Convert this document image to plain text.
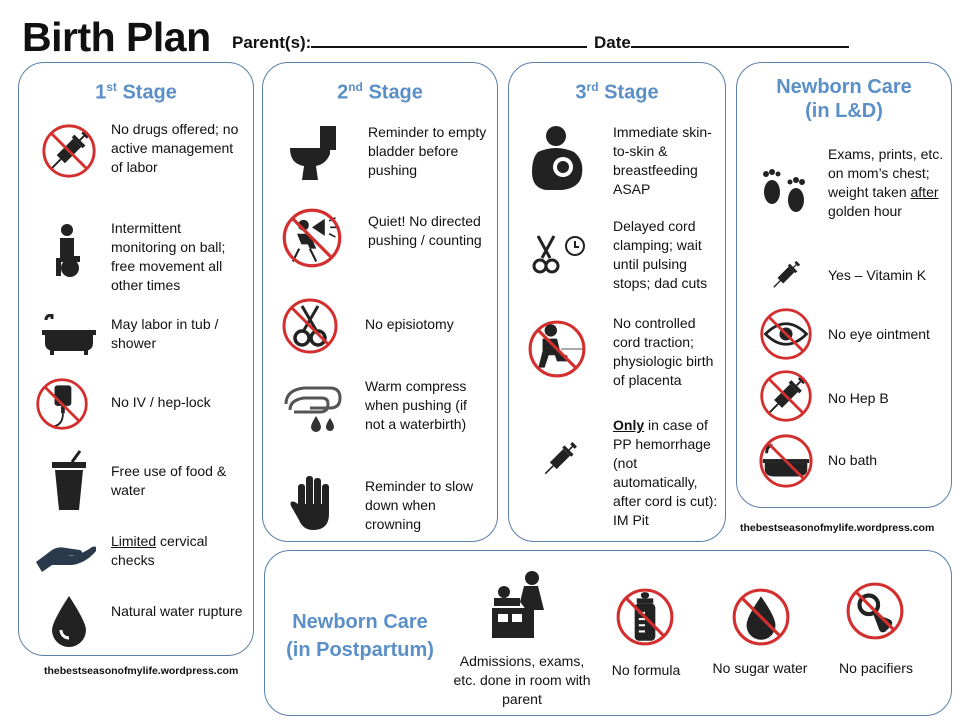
Birth Plan Parent(s):	Date
1st Stage
No drugs offered; no active management of labor
Intermittent monitoring on ball; free movement all other times
May labor in tub / shower
No IV / hep-lock
Free use of food & water
Limited cervical checks
Natural water rupture
thebestseasonofmylife.wordpress.com
2nd Stage
Reminder to empty bladder before pushing
Quiet! No directed pushing / counting
No episiotomy
Warm compress when pushing (if not a waterbirth)
Reminder to slow down when crowning
3rd Stage
Immediate skin-to-skin & breastfeeding ASAP
Delayed cord clamping; wait until pulsing stops; dad cuts
No controlled cord traction; physiologic birth of placenta
Only in case of PP hemorrhage (not automatically, after cord is cut): IM Pit
Newborn Care
(in L&D)
Exams, prints, etc. on mom’s chest; weight taken after golden hour
Yes – Vitamin K
No eye ointment
No Hep B
No bath
thebestseasonofmylife.wordpress.com
Newborn Care
(in Postpartum)	Admissions, exams, etc. done in room with parent
No formula	No sugar water	No pacifiers
